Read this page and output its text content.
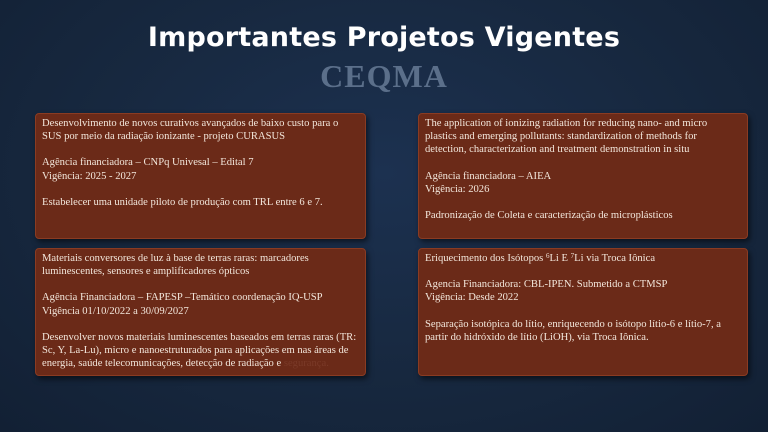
Importantes Projetos Vigentes
CEQMA

Desenvolvimento de novos curativos avançados de baixo custo para o SUS por meio da radiação ionizante - projeto CURASUS

Agência financiadora – CNPq Univesal – Edital 7

Vigência: 2025 - 2027

Estabelecer uma unidade piloto de produção com TRL entre 6 e 7.

The application of ionizing radiation for reducing nano- and micro plastics and emerging pollutants: standardization of methods for detection, characterization and treatment demonstration in situ

Agência financiadora – AIEA

Vigência: 2026

Padronização de Coleta e caracterização de microplásticos

Materiais conversores de luz à base de terras raras: marcadores luminescentes, sensores e amplificadores ópticos

Agência Financiadora – FAPESP –Temático coordenação IQ-USP

Vigência 01/10/2022 a 30/09/2027

Desenvolver novos materiais luminescentes baseados em terras raras (TR: Sc, Y, La-Lu), micro e nanoestruturados para aplicações em nas áreas de energia, saúde telecomunicações, detecção de radiação e segurança.

Eriquecimento dos Isótopos $^6$Li E $^7$Li via Troca Iônica

Agencia Financiadora: CBL-IPEN. Submetido a CTMSP

Vigência: Desde 2022

Separação isotópica do lítio, enriquecendo o isótopo lítio-6 e lítio-7, a partir do hidróxido de lítio (LiOH), via Troca Iônica.
